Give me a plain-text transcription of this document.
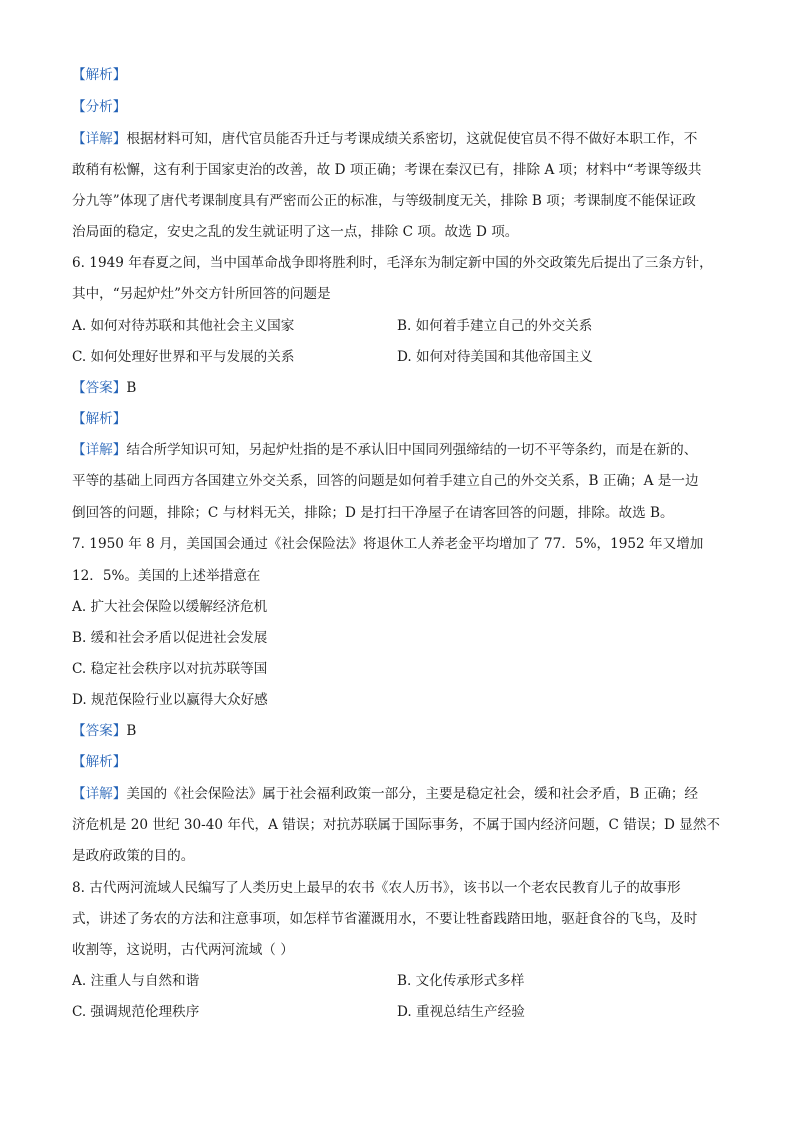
【解析】
【分析】
【详解】根据材料可知，唐代官员能否升迁与考课成绩关系密切，这就促使官员不得不做好本职工作，不
敢稍有松懈，这有利于国家吏治的改善，故 D 项正确；考课在秦汉已有，排除 A 项；材料中“考课等级共
分九等”体现了唐代考课制度具有严密而公正的标准，与等级制度无关，排除 B 项；考课制度不能保证政
治局面的稳定，安史之乱的发生就证明了这一点，排除 C 项。故选 D 项。
6. 1949 年春夏之间，当中国革命战争即将胜利时，毛泽东为制定新中国的外交政策先后提出了三条方针，
其中，“另起炉灶”外交方针所回答的问题是
A. 如何对待苏联和其他社会主义国家	B. 如何着手建立自己的外交关系
C. 如何处理好世界和平与发展的关系	D. 如何对待美国和其他帝国主义
【答案】B
【解析】
【详解】结合所学知识可知，另起炉灶指的是不承认旧中国同列强缔结的一切不平等条约，而是在新的、
平等的基础上同西方各国建立外交关系，回答的问题是如何着手建立自己的外交关系，B 正确；A 是一边
倒回答的问题，排除；C 与材料无关，排除；D 是打扫干净屋子在请客回答的问题，排除。故选 B。
7. 1950 年 8 月，美国国会通过《社会保险法》将退休工人养老金平均增加了 77．5%，1952 年又增加
12．5%。美国的上述举措意在
A. 扩大社会保险以缓解经济危机
B. 缓和社会矛盾以促进社会发展
C. 稳定社会秩序以对抗苏联等国
D. 规范保险行业以赢得大众好感
【答案】B
【解析】
【详解】美国的《社会保险法》属于社会福利政策一部分，主要是稳定社会，缓和社会矛盾，B 正确；经
济危机是 20 世纪 30-40 年代，A 错误；对抗苏联属于国际事务，不属于国内经济问题，C 错误；D 显然不
是政府政策的目的。
8. 古代两河流域人民编写了人类历史上最早的农书《农人历书》，该书以一个老农民教育儿子的故事形
式，讲述了务农的方法和注意事项，如怎样节省灌溉用水，不要让牲畜践踏田地，驱赶食谷的飞鸟，及时
收割等，这说明，古代两河流域（ ）
A. 注重人与自然和谐	B. 文化传承形式多样
C. 强调规范伦理秩序	D. 重视总结生产经验
